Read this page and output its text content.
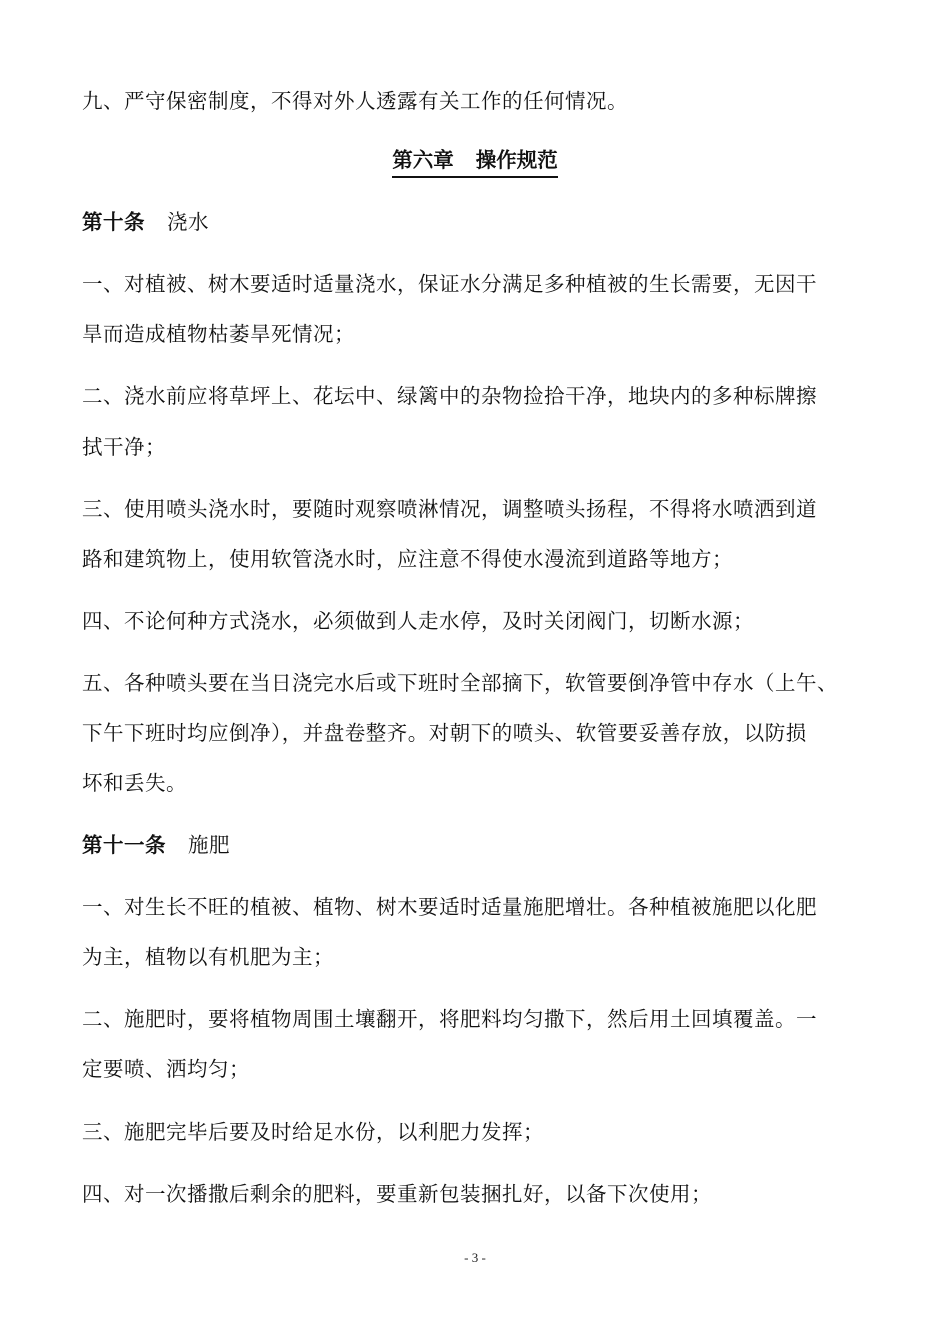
九、严守保密制度，不得对外人透露有关工作的任何情况。
第六章 操作规范
第十条 浇水
一、对植被、树木要适时适量浇水，保证水分满足多种植被的生长需要，无因干
旱而造成植物枯萎旱死情况；
二、浇水前应将草坪上、花坛中、绿篱中的杂物捡拾干净，地块内的多种标牌擦
拭干净；
三、使用喷头浇水时，要随时观察喷淋情况，调整喷头扬程，不得将水喷洒到道
路和建筑物上，使用软管浇水时，应注意不得使水漫流到道路等地方；
四、不论何种方式浇水，必须做到人走水停，及时关闭阀门，切断水源；
五、各种喷头要在当日浇完水后或下班时全部摘下，软管要倒净管中存水（上午、
下午下班时均应倒净），并盘卷整齐。对朝下的喷头、软管要妥善存放，以防损
坏和丢失。
第十一条 施肥
一、对生长不旺的植被、植物、树木要适时适量施肥增壮。各种植被施肥以化肥
为主，植物以有机肥为主；
二、施肥时，要将植物周围土壤翻开，将肥料均匀撒下，然后用土回填覆盖。一
定要喷、洒均匀；
三、施肥完毕后要及时给足水份，以利肥力发挥；
四、对一次播撒后剩余的肥料，要重新包装捆扎好，以备下次使用；
- 3 -
